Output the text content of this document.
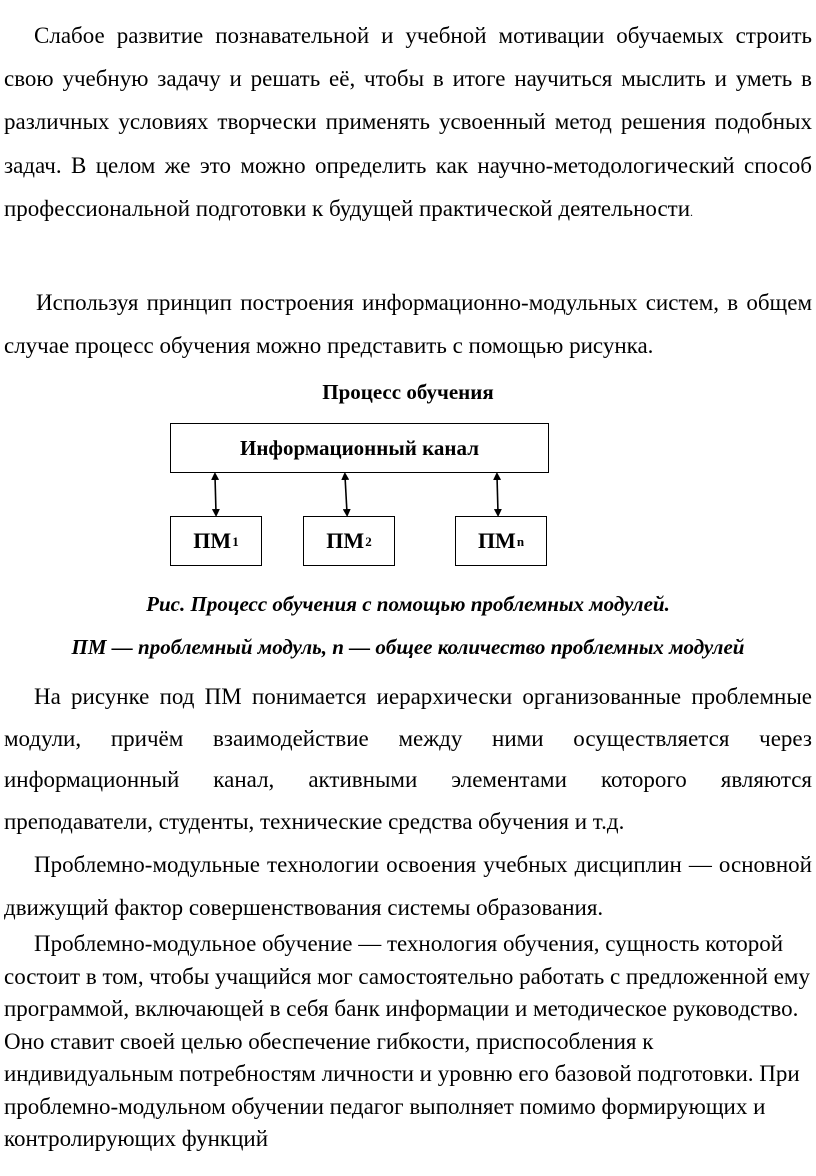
Слабое развитие познавательной и учебной мотивации обучаемых строить свою учебную задачу и решать её, чтобы в итоге научиться мыслить и уметь в различных условиях творчески применять усвоенный метод решения подобных задач. В целом же это можно определить как научно-методологический способ профессиональной подготовки к будущей практической деятельности.

Используя принцип построения информационно-модульных систем, в общем случае процесс обучения можно представить с помощью рисунка.

Процесс обучения

Информационный канал
ПМ 1	ПМ 2	ПМ n

Рис. Процесс обучения с помощью проблемных модулей.

ПМ — проблемный модуль, n — общее количество проблемных модулей

На рисунке под ПМ понимается иерархически организованные проблемные модули, причём взаимодействие между ними осуществляется через информационный канал, активными элементами которого являются преподаватели, студенты, технические средства обучения и т.д.

Проблемно-модульные технологии освоения учебных дисциплин — основной движущий фактор совершенствования системы образования.

Проблемно-модульное обучение — технология обучения, сущность которой состоит в том, чтобы учащийся мог самостоятельно работать с предложенной ему программой, включающей в себя банк информации и методическое руководство. Оно ставит своей целью обеспечение гибкости, приспособления к индивидуальным потребностям личности и уровню его базовой подготовки. При проблемно-модульном обучении педагог выполняет помимо формирующих и контролирующих функций
